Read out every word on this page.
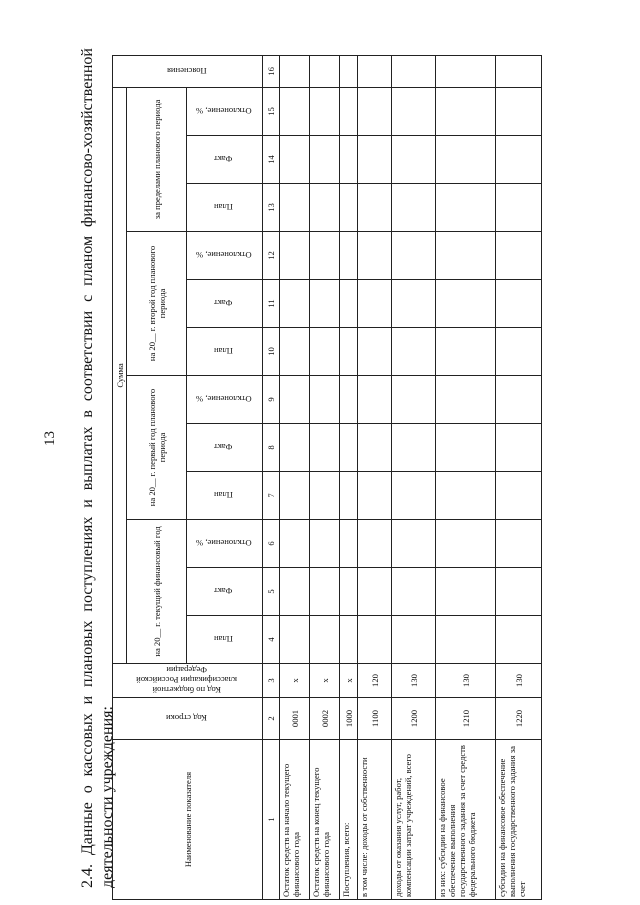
13 2.4. Данные о кассовых и плановых поступлениях и выплатах в соответствии с планом финансово-хозяйственной деятельности учреждения:	Наименование показателя	Код строки	Код по бюджетной классификации Российской Федерации	Сумма												Пояснения
			на 20__ г. текущий финансовый год			на 20__ г. первый год планового периода			на 20__ г. второй год планового периода			за пределами планового периода			
			План	Факт	Отклонение, %	План	Факт	Отклонение, %	План	Факт	Отклонение, %	План	Факт	Отклонение, %	
1	2	3	4	5	6	7	8	9	10	11	12	13	14	15	16
Остаток средств на начало текущего финансового года	0001	x													
Остаток средств на конец текущего финансового года	0002	x													
Поступления, всего:	1000	x													
в том числе: доходы от собственности	1100	120													
доходы от оказания услуг, работ, компенсации затрат учреждений, всего	1200	130													
из них: субсидии на финансовое обеспечение выполнения государственного задания за счет средств федерального бюджета	1210	130													
субсидии на финансовое обеспечение выполнения государственного задания за счет	1220	130													
